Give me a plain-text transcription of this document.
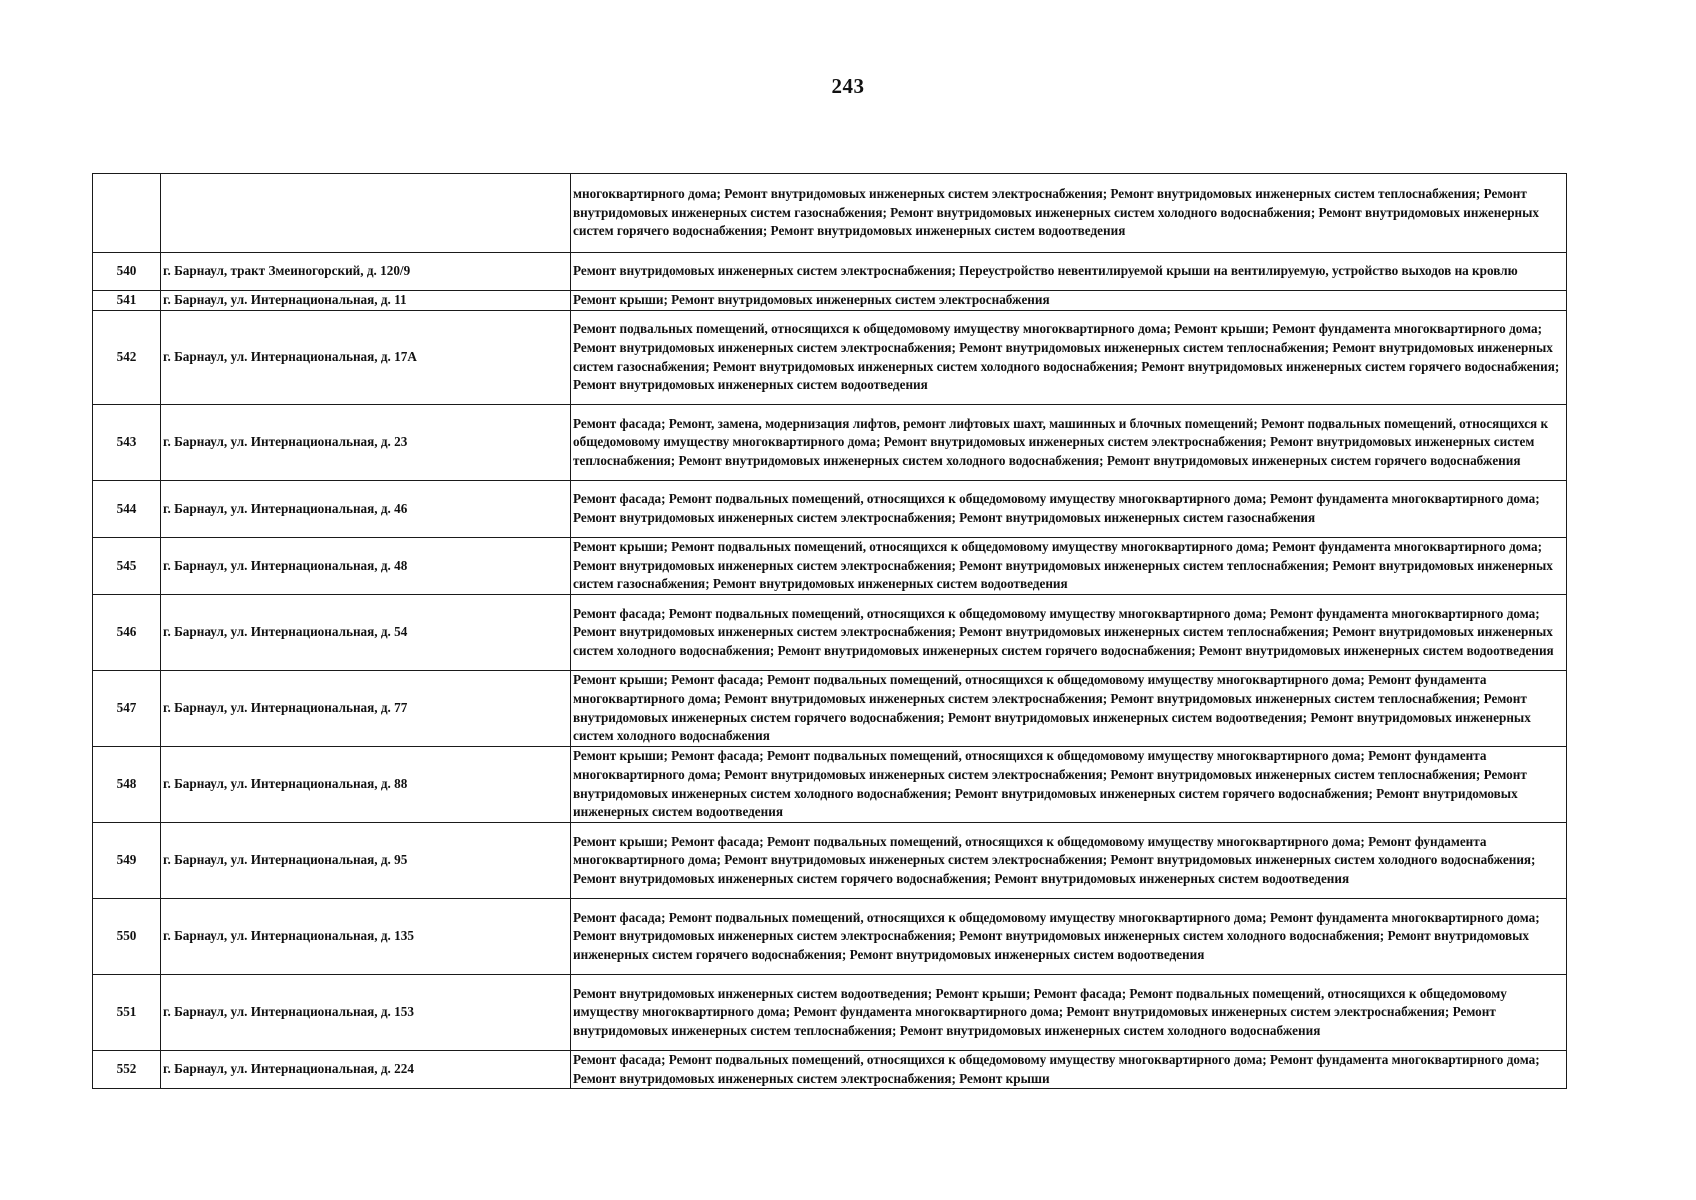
243
		многоквартирного дома; Ремонт внутридомовых инженерных систем электроснабжения; Ремонт внутридомовых инженерных систем теплоснабжения; Ремонт внутридомовых инженерных систем газоснабжения; Ремонт внутридомовых инженерных систем холодного водоснабжения; Ремонт внутридомовых инженерных систем горячего водоснабжения; Ремонт внутридомовых инженерных систем водоотведения
540	г. Барнаул, тракт Змеиногорский, д. 120/9	Ремонт внутридомовых инженерных систем электроснабжения; Переустройство невентилируемой крыши на вентилируемую, устройство выходов на кровлю
541	г. Барнаул, ул. Интернациональная, д. 11	Ремонт крыши; Ремонт внутридомовых инженерных систем электроснабжения
542	г. Барнаул, ул. Интернациональная, д. 17А	Ремонт подвальных помещений, относящихся к общедомовому имуществу многоквартирного дома; Ремонт крыши; Ремонт фундамента многоквартирного дома; Ремонт внутридомовых инженерных систем электроснабжения; Ремонт внутридомовых инженерных систем теплоснабжения; Ремонт внутридомовых инженерных систем газоснабжения; Ремонт внутридомовых инженерных систем холодного водоснабжения; Ремонт внутридомовых инженерных систем горячего водоснабжения; Ремонт внутридомовых инженерных систем водоотведения
543	г. Барнаул, ул. Интернациональная, д. 23	Ремонт фасада; Ремонт, замена, модернизация лифтов, ремонт лифтовых шахт, машинных и блочных помещений; Ремонт подвальных помещений, относящихся к общедомовому имуществу многоквартирного дома; Ремонт внутридомовых инженерных систем электроснабжения; Ремонт внутридомовых инженерных систем теплоснабжения; Ремонт внутридомовых инженерных систем холодного водоснабжения; Ремонт внутридомовых инженерных систем горячего водоснабжения
544	г. Барнаул, ул. Интернациональная, д. 46	Ремонт фасада; Ремонт подвальных помещений, относящихся к общедомовому имуществу многоквартирного дома; Ремонт фундамента многоквартирного дома; Ремонт внутридомовых инженерных систем электроснабжения; Ремонт внутридомовых инженерных систем газоснабжения
545	г. Барнаул, ул. Интернациональная, д. 48	Ремонт крыши; Ремонт подвальных помещений, относящихся к общедомовому имуществу многоквартирного дома; Ремонт фундамента многоквартирного дома; Ремонт внутридомовых инженерных систем электроснабжения; Ремонт внутридомовых инженерных систем теплоснабжения; Ремонт внутридомовых инженерных систем газоснабжения; Ремонт внутридомовых инженерных систем водоотведения
546	г. Барнаул, ул. Интернациональная, д. 54	Ремонт фасада; Ремонт подвальных помещений, относящихся к общедомовому имуществу многоквартирного дома; Ремонт фундамента многоквартирного дома; Ремонт внутридомовых инженерных систем электроснабжения; Ремонт внутридомовых инженерных систем теплоснабжения; Ремонт внутридомовых инженерных систем холодного водоснабжения; Ремонт внутридомовых инженерных систем горячего водоснабжения; Ремонт внутридомовых инженерных систем водоотведения
547	г. Барнаул, ул. Интернациональная, д. 77	Ремонт крыши; Ремонт фасада; Ремонт подвальных помещений, относящихся к общедомовому имуществу многоквартирного дома; Ремонт фундамента многоквартирного дома; Ремонт внутридомовых инженерных систем электроснабжения; Ремонт внутридомовых инженерных систем теплоснабжения; Ремонт внутридомовых инженерных систем горячего водоснабжения; Ремонт внутридомовых инженерных систем водоотведения; Ремонт внутридомовых инженерных систем холодного водоснабжения
548	г. Барнаул, ул. Интернациональная, д. 88	Ремонт крыши; Ремонт фасада; Ремонт подвальных помещений, относящихся к общедомовому имуществу многоквартирного дома; Ремонт фундамента многоквартирного дома; Ремонт внутридомовых инженерных систем электроснабжения; Ремонт внутридомовых инженерных систем теплоснабжения; Ремонт внутридомовых инженерных систем холодного водоснабжения; Ремонт внутридомовых инженерных систем горячего водоснабжения; Ремонт внутридомовых инженерных систем водоотведения
549	г. Барнаул, ул. Интернациональная, д. 95	Ремонт крыши; Ремонт фасада; Ремонт подвальных помещений, относящихся к общедомовому имуществу многоквартирного дома; Ремонт фундамента многоквартирного дома; Ремонт внутридомовых инженерных систем электроснабжения; Ремонт внутридомовых инженерных систем холодного водоснабжения; Ремонт внутридомовых инженерных систем горячего водоснабжения; Ремонт внутридомовых инженерных систем водоотведения
550	г. Барнаул, ул. Интернациональная, д. 135	Ремонт фасада; Ремонт подвальных помещений, относящихся к общедомовому имуществу многоквартирного дома; Ремонт фундамента многоквартирного дома; Ремонт внутридомовых инженерных систем электроснабжения; Ремонт внутридомовых инженерных систем холодного водоснабжения; Ремонт внутридомовых инженерных систем горячего водоснабжения; Ремонт внутридомовых инженерных систем водоотведения
551	г. Барнаул, ул. Интернациональная, д. 153	Ремонт внутридомовых инженерных систем водоотведения; Ремонт крыши; Ремонт фасада; Ремонт подвальных помещений, относящихся к общедомовому имуществу многоквартирного дома; Ремонт фундамента многоквартирного дома; Ремонт внутридомовых инженерных систем электроснабжения; Ремонт внутридомовых инженерных систем теплоснабжения; Ремонт внутридомовых инженерных систем холодного водоснабжения
552	г. Барнаул, ул. Интернациональная, д. 224	Ремонт фасада; Ремонт подвальных помещений, относящихся к общедомовому имуществу многоквартирного дома; Ремонт фундамента многоквартирного дома; Ремонт внутридомовых инженерных систем электроснабжения; Ремонт крыши
